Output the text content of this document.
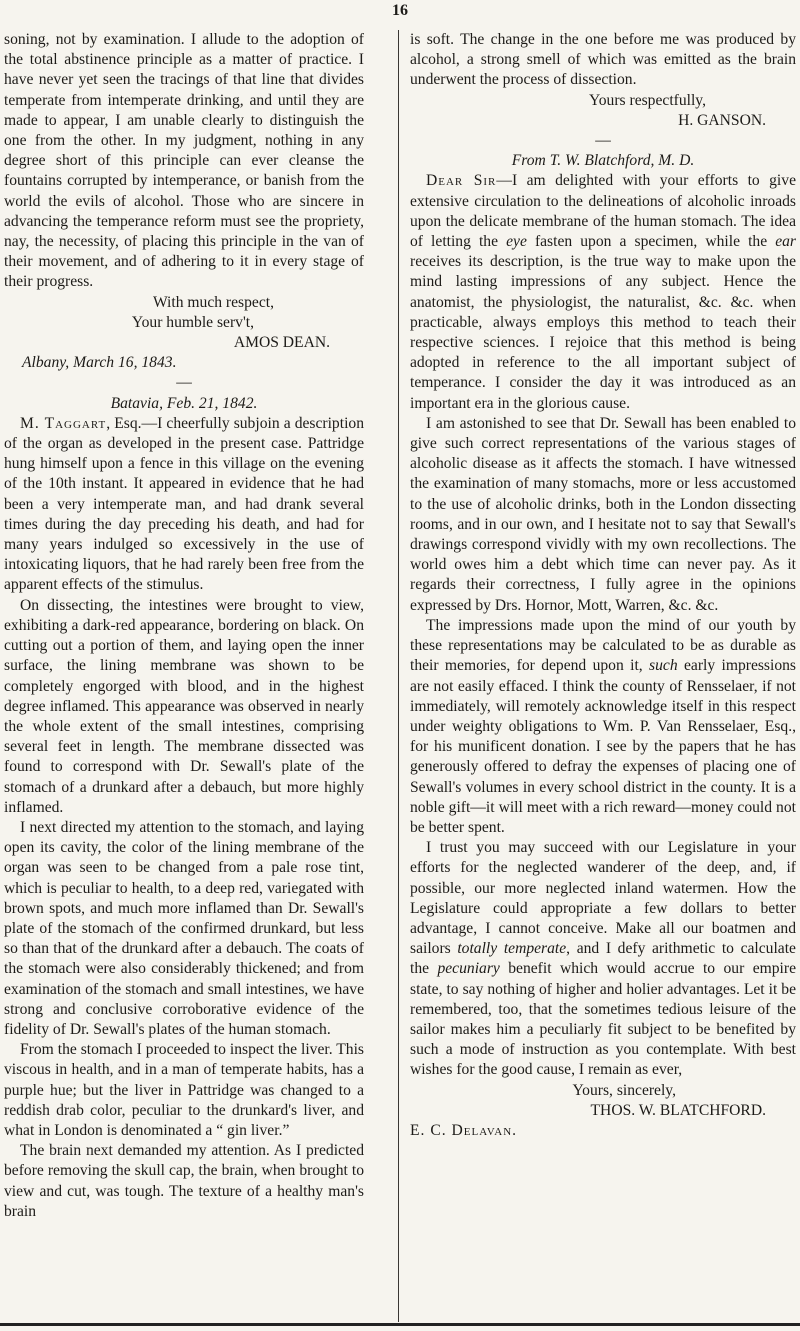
16

soning, not by examination. I allude to the adoption of the total abstinence principle as a matter of practice. I have never yet seen the tracings of that line that divides temperate from intemperate drinking, and until they are made to appear, I am unable clearly to distinguish the one from the other. In my judgment, nothing in any degree short of this principle can ever cleanse the fountains corrupted by intemperance, or banish from the world the evils of alcohol. Those who are sincere in advancing the temperance reform must see the propriety, nay, the necessity, of placing this principle in the van of their movement, and of adhering to it in every stage of their progress.

With much respect,

Your humble serv't,

AMOS DEAN.

Albany, March 16, 1843.

—

Batavia, Feb. 21, 1842.

M. Taggart, Esq.—I cheerfully subjoin a description of the organ as developed in the present case. Pattridge hung himself upon a fence in this village on the evening of the 10th instant. It appeared in evidence that he had been a very intemperate man, and had drank several times during the day preceding his death, and had for many years indulged so excessively in the use of intoxicating liquors, that he had rarely been free from the apparent effects of the stimulus.

On dissecting, the intestines were brought to view, exhibiting a dark-red appearance, bordering on black. On cutting out a portion of them, and laying open the inner surface, the lining membrane was shown to be completely engorged with blood, and in the highest degree inflamed. This appearance was observed in nearly the whole extent of the small intestines, comprising several feet in length. The membrane dissected was found to correspond with Dr. Sewall's plate of the stomach of a drunkard after a debauch, but more highly inflamed.

I next directed my attention to the stomach, and laying open its cavity, the color of the lining membrane of the organ was seen to be changed from a pale rose tint, which is peculiar to health, to a deep red, variegated with brown spots, and much more inflamed than Dr. Sewall's plate of the stomach of the confirmed drunkard, but less so than that of the drunkard after a debauch. The coats of the stomach were also considerably thickened; and from examination of the stomach and small intestines, we have strong and conclusive corroborative evidence of the fidelity of Dr. Sewall's plates of the human stomach.

From the stomach I proceeded to inspect the liver. This viscous in health, and in a man of temperate habits, has a purple hue; but the liver in Pattridge was changed to a reddish drab color, peculiar to the drunkard's liver, and what in London is denominated a “ gin liver.”

The brain next demanded my attention. As I predicted before removing the skull cap, the brain, when brought to view and cut, was tough. The texture of a healthy man's brain

is soft. The change in the one before me was produced by alcohol, a strong smell of which was emitted as the brain underwent the process of dissection.

Yours respectfully,

H. GANSON.

—

From T. W. Blatchford, M. D.

Dear Sir—I am delighted with your efforts to give extensive circulation to the delineations of alcoholic inroads upon the delicate membrane of the human stomach. The idea of letting the eye fasten upon a specimen, while the ear receives its description, is the true way to make upon the mind lasting impressions of any subject. Hence the anatomist, the physiologist, the naturalist, &c. &c. when practicable, always employs this method to teach their respective sciences. I rejoice that this method is being adopted in reference to the all important subject of temperance. I consider the day it was introduced as an important era in the glorious cause.

I am astonished to see that Dr. Sewall has been enabled to give such correct representations of the various stages of alcoholic disease as it affects the stomach. I have witnessed the examination of many stomachs, more or less accustomed to the use of alcoholic drinks, both in the London dissecting rooms, and in our own, and I hesitate not to say that Sewall's drawings correspond vividly with my own recollections. The world owes him a debt which time can never pay. As it regards their correctness, I fully agree in the opinions expressed by Drs. Hornor, Mott, Warren, &c. &c.

The impressions made upon the mind of our youth by these representations may be calculated to be as durable as their memories, for depend upon it, such early impressions are not easily effaced. I think the county of Rensselaer, if not immediately, will remotely acknowledge itself in this respect under weighty obligations to Wm. P. Van Rensselaer, Esq., for his munificent donation. I see by the papers that he has generously offered to defray the expenses of placing one of Sewall's volumes in every school district in the county. It is a noble gift—it will meet with a rich reward—money could not be better spent.

I trust you may succeed with our Legislature in your efforts for the neglected wanderer of the deep, and, if possible, our more neglected inland watermen. How the Legislature could appropriate a few dollars to better advantage, I cannot conceive. Make all our boatmen and sailors totally temperate, and I defy arithmetic to calculate the pecuniary benefit which would accrue to our empire state, to say nothing of higher and holier advantages. Let it be remembered, too, that the sometimes tedious leisure of the sailor makes him a peculiarly fit subject to be benefited by such a mode of instruction as you contemplate. With best wishes for the good cause, I remain as ever,

Yours, sincerely,

THOS. W. BLATCHFORD.

E. C. Delavan.
